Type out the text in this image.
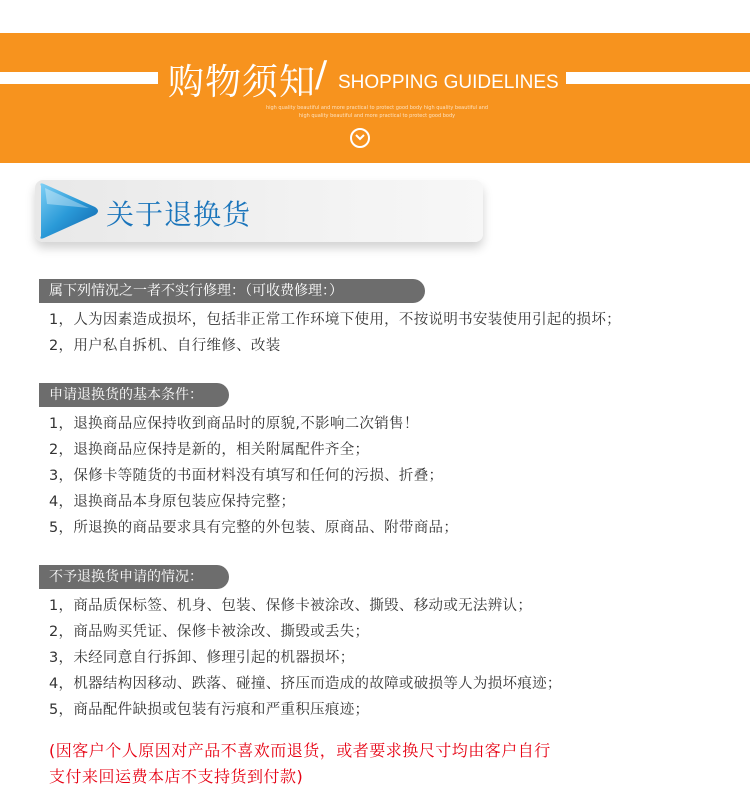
购物须知
/ SHOPPING GUIDELINES
high quality beautiful and more practical to protect good body high quality beautiful and
high quality beautiful and more practical to protect good body
关于退换货
属下列情况之一者不实行修理：（可收费修理：）
1，人为因素造成损坏，包括非正常工作环境下使用，不按说明书安装使用引起的损坏；
2，用户私自拆机、自行维修、改装
申请退换货的基本条件：
1，退换商品应保持收到商品时的原貌,不影响二次销售！
2，退换商品应保持是新的，相关附属配件齐全；
3，保修卡等随货的书面材料没有填写和任何的污损、折叠；
4，退换商品本身原包装应保持完整；
5，所退换的商品要求具有完整的外包装、原商品、附带商品；
不予退换货申请的情况：
1，商品质保标签、机身、包装、保修卡被涂改、撕毁、移动或无法辨认；
2，商品购买凭证、保修卡被涂改、撕毁或丢失；
3，未经同意自行拆卸、修理引起的机器损坏；
4，机器结构因移动、跌落、碰撞、挤压而造成的故障或破损等人为损坏痕迹；
5，商品配件缺损或包装有污痕和严重积压痕迹；
(因客户个人原因对产品不喜欢而退货，或者要求换尺寸均由客户自行
支付来回运费本店不支持货到付款)
